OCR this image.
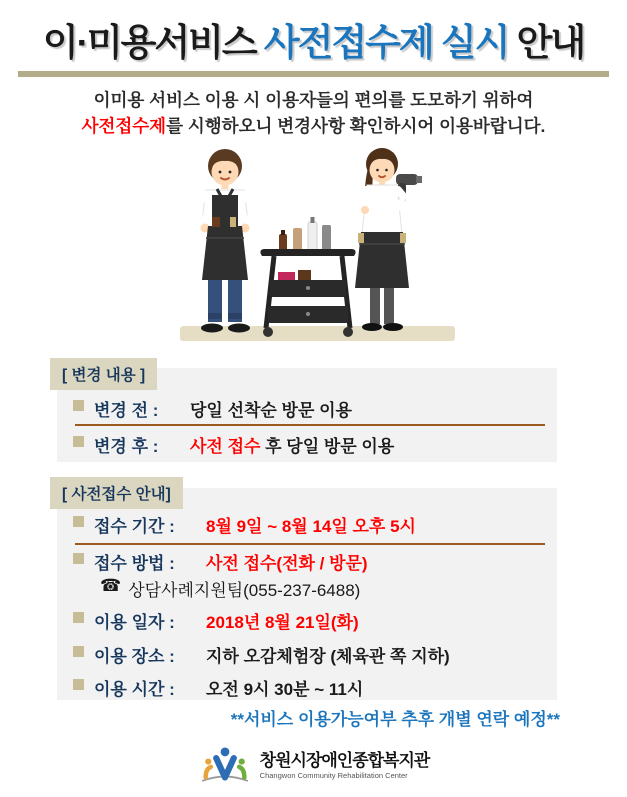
이·미용서비스 사전접수제 실시 안내
이미용 서비스 이용 시 이용자들의 편의를 도모하기 위하여
사전접수제를 시행하오니 변경사항 확인하시어 이용바랍니다.
[ 변경 내용 ]
변경 전 :	당일 선착순 방문 이용
변경 후 :	사전 접수 후 당일 방문 이용
[ 사전접수 안내]
접수 기간 :	8월 9일 ~ 8월 14일 오후 5시
접수 방법 :	사전 접수(전화 / 방문)
☎ 상담사례지원팀(055-237-6488)
이용 일자 :	2018년 8월 21일(화)
이용 장소 :	지하 오감체험장 (체육관 쪽 지하)
이용 시간 :	오전 9시 30분 ~ 11시
**서비스 이용가능여부 추후 개별 연락 예정**
창원시장애인종합복지관
Changwon Community Rehabilitation Center
